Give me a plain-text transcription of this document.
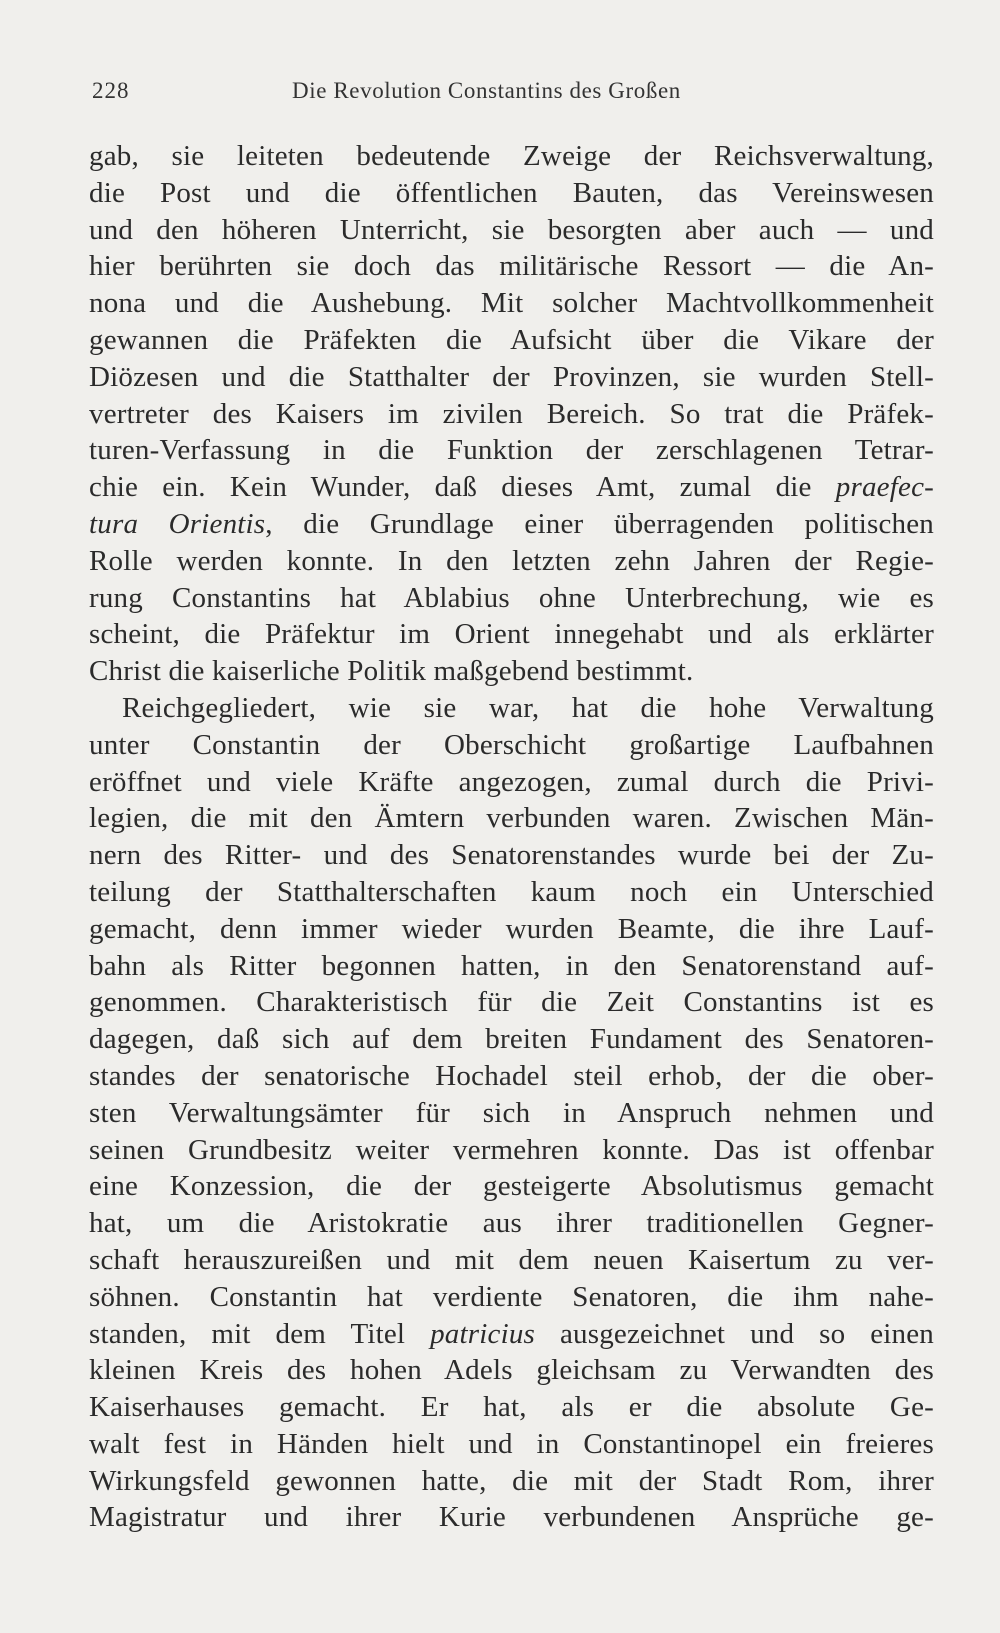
228	Die Revolution Constantins des Großen
gab, sie leiteten bedeutende Zweige der Reichsverwaltung,
die Post und die öffentlichen Bauten, das Vereinswesen
und den höheren Unterricht, sie besorgten aber auch — und
hier berührten sie doch das militärische Ressort — die An-
nona und die Aushebung. Mit solcher Machtvollkommenheit
gewannen die Präfekten die Aufsicht über die Vikare der
Diözesen und die Statthalter der Provinzen, sie wurden Stell-
vertreter des Kaisers im zivilen Bereich. So trat die Präfek-
turen-Verfassung in die Funktion der zerschlagenen Tetrar-
chie ein. Kein Wunder, daß dieses Amt, zumal die praefec-
tura Orientis, die Grundlage einer überragenden politischen
Rolle werden konnte. In den letzten zehn Jahren der Regie-
rung Constantins hat Ablabius ohne Unterbrechung, wie es
scheint, die Präfektur im Orient innegehabt und als erklärter
Christ die kaiserliche Politik maßgebend bestimmt.
Reichgegliedert, wie sie war, hat die hohe Verwaltung
unter Constantin der Oberschicht großartige Laufbahnen
eröffnet und viele Kräfte angezogen, zumal durch die Privi-
legien, die mit den Ämtern verbunden waren. Zwischen Män-
nern des Ritter- und des Senatorenstandes wurde bei der Zu-
teilung der Statthalterschaften kaum noch ein Unterschied
gemacht, denn immer wieder wurden Beamte, die ihre Lauf-
bahn als Ritter begonnen hatten, in den Senatorenstand auf-
genommen. Charakteristisch für die Zeit Constantins ist es
dagegen, daß sich auf dem breiten Fundament des Senatoren-
standes der senatorische Hochadel steil erhob, der die ober-
sten Verwaltungsämter für sich in Anspruch nehmen und
seinen Grundbesitz weiter vermehren konnte. Das ist offenbar
eine Konzession, die der gesteigerte Absolutismus gemacht
hat, um die Aristokratie aus ihrer traditionellen Gegner-
schaft herauszureißen und mit dem neuen Kaisertum zu ver-
söhnen. Constantin hat verdiente Senatoren, die ihm nahe-
standen, mit dem Titel patricius ausgezeichnet und so einen
kleinen Kreis des hohen Adels gleichsam zu Verwandten des
Kaiserhauses gemacht. Er hat, als er die absolute Ge-
walt fest in Händen hielt und in Constantinopel ein freieres
Wirkungsfeld gewonnen hatte, die mit der Stadt Rom, ihrer
Magistratur und ihrer Kurie verbundenen Ansprüche ge-
